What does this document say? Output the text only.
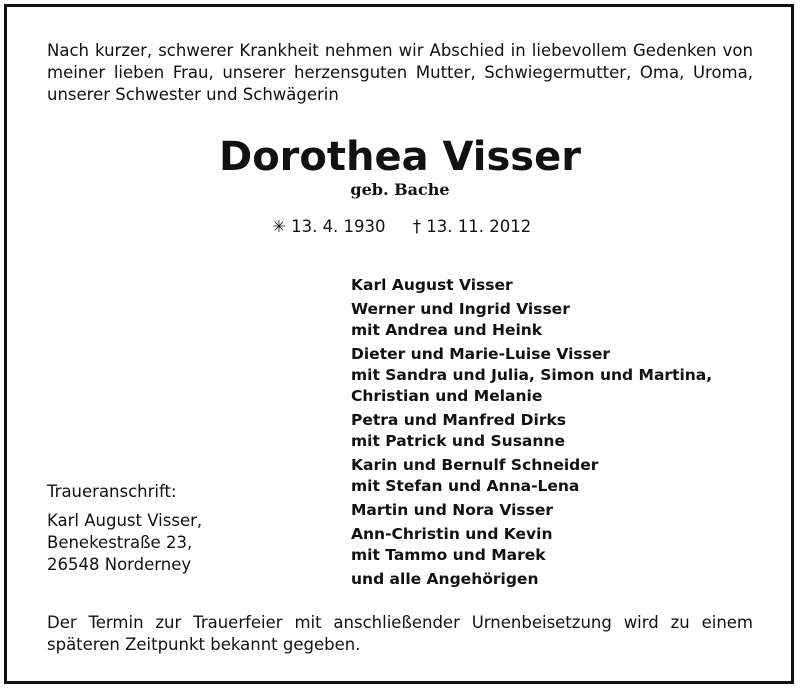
Nach kurzer, schwerer Krankheit nehmen wir Abschied in liebevollem Gedenken von meiner lieben Frau, unserer herzensguten Mutter, Schwiegermutter, Oma, Uroma, unserer Schwester und Schwägerin

Dorothea Visser
geb. Bache
✳ 13. 4. 1930 † 13. 11. 2012
Karl August Visser
Werner und Ingrid Visser
mit Andrea und Heink
Dieter und Marie-Luise Visser
mit Sandra und Julia, Simon und Martina,
Christian und Melanie
Petra und Manfred Dirks
mit Patrick und Susanne
Karin und Bernulf Schneider
mit Stefan und Anna-Lena
Martin und Nora Visser
Ann-Christin und Kevin
mit Tammo und Marek
und alle Angehörigen
Traueranschrift:
Karl August Visser,
Benekestraße 23,
26548 Norderney

Der Termin zur Trauerfeier mit anschließender Urnenbeisetzung wird zu einem späteren Zeitpunkt bekannt gegeben.
